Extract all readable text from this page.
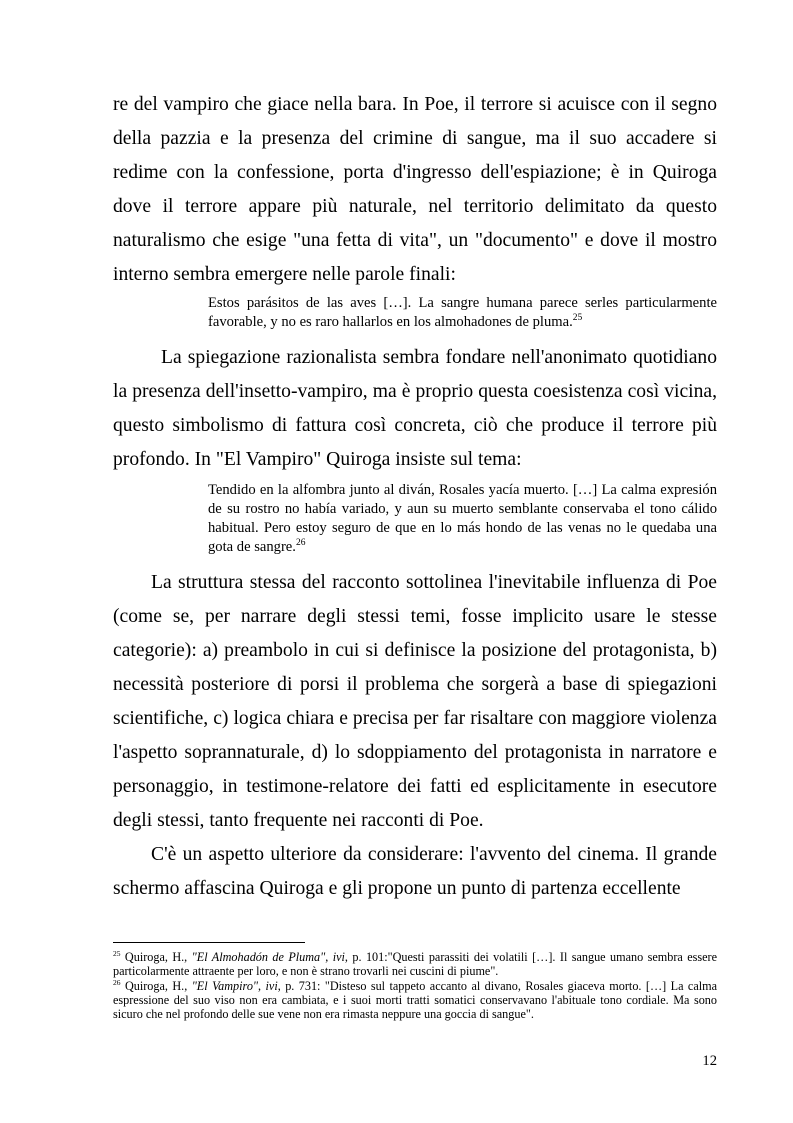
re del vampiro che giace nella bara. In Poe, il terrore si acuisce con il segno della pazzia e la presenza del crimine di sangue, ma il suo accadere si redime con la confessione, porta d'ingresso dell'espiazione; è in Quiroga dove il terrore appare più naturale, nel territorio delimitato da questo naturalismo che esige "una fetta di vita", un "documento" e dove il mostro interno sembra emergere nelle parole finali:

Estos parásitos de las aves […]. La sangre humana parece serles particularmente favorable, y no es raro hallarlos en los almohadones de pluma.$^{25}$

La spiegazione razionalista sembra fondare nell'anonimato quotidiano la presenza dell'insetto-vampiro, ma è proprio questa coesistenza così vicina, questo simbolismo di fattura così concreta, ciò che produce il terrore più profondo. In "El Vampiro" Quiroga insiste sul tema:

Tendido en la alfombra junto al diván, Rosales yacía muerto. […] La calma expresión de su rostro no había variado, y aun su muerto semblante conservaba el tono cálido habitual. Pero estoy seguro de que en lo más hondo de las venas no le quedaba una gota de sangre.$^{26}$

La struttura stessa del racconto sottolinea l'inevitabile influenza di Poe (come se, per narrare degli stessi temi, fosse implicito usare le stesse categorie): a) preambolo in cui si definisce la posizione del protagonista, b) necessità posteriore di porsi il problema che sorgerà a base di spiegazioni scientifiche, c) logica chiara e precisa per far risaltare con maggiore violenza l'aspetto soprannaturale, d) lo sdoppiamento del protagonista in narratore e personaggio, in testimone-relatore dei fatti ed esplicitamente in esecutore degli stessi, tanto frequente nei racconti di Poe.

C'è un aspetto ulteriore da considerare: l'avvento del cinema. Il grande schermo affascina Quiroga e gli propone un punto di partenza eccellente

$^{25}$ Quiroga, H., "El Almohadón de Pluma", ivi, p. 101:"Questi parassiti dei volatili […]. Il sangue umano sembra essere particolarmente attraente per loro, e non è strano trovarli nei cuscini di piume".

$^{26}$ Quiroga, H., "El Vampiro", ivi, p. 731: "Disteso sul tappeto accanto al divano, Rosales giaceva morto. […] La calma espressione del suo viso non era cambiata, e i suoi morti tratti somatici conservavano l'abituale tono cordiale. Ma sono sicuro che nel profondo delle sue vene non era rimasta neppure una goccia di sangue".

12
